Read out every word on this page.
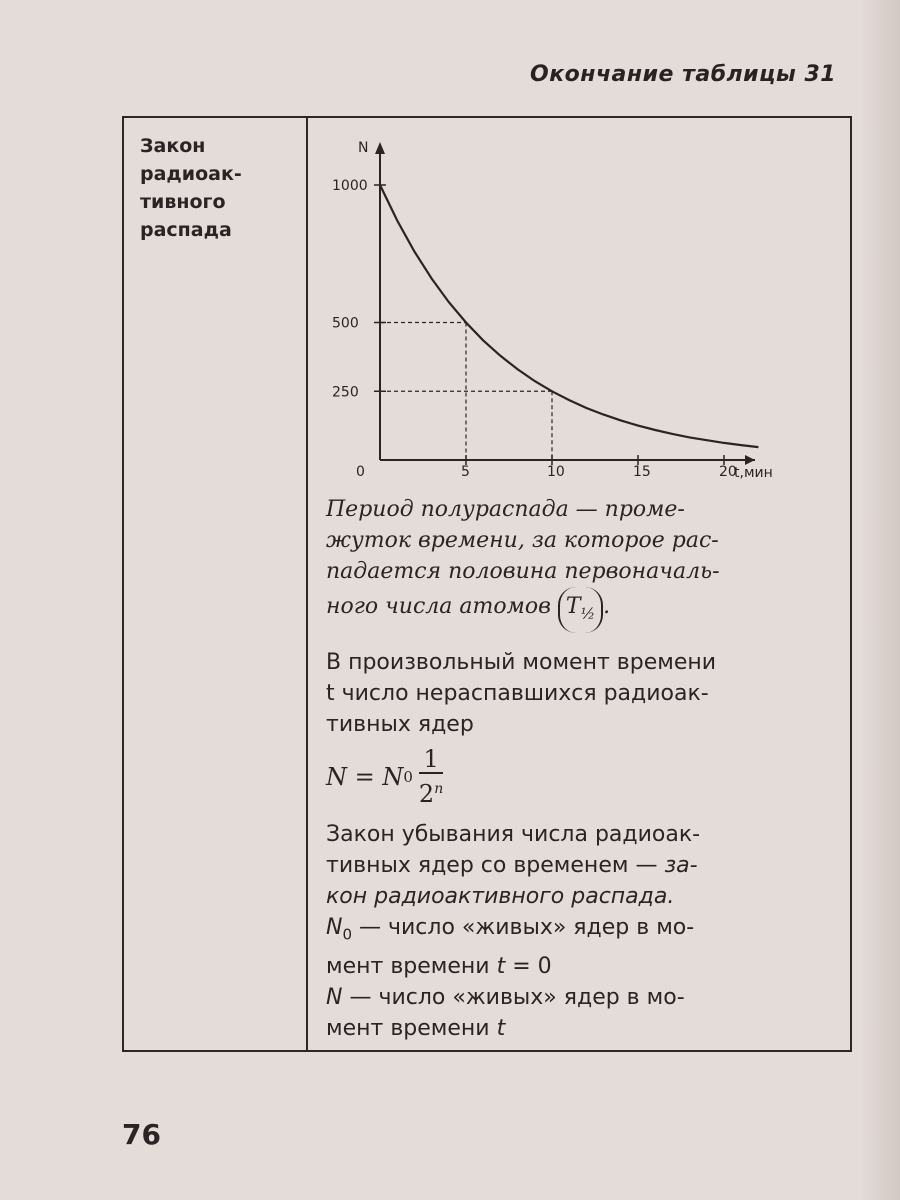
Окончание таблицы 31
Закон
радиоак-
тивного
распада
N
t,мин
0	5	10	15	20
1000
500
250

Период полураспада — проме-
жуток времени, за которое рас-
падается половина первоначаль-
ного числа атомов $T_{\frac{1}{2}}$ .

В произвольный момент времени
t число нераспавшихся радиоак-
тивных ядер

N = N $0 \frac{1}{2^n}$

Закон убывания числа радиоак-
тивных ядер со временем — за-
кон радиоактивного распада.

$N_0$ — число «живых» ядер в мо-
мент времени t = 0

N — число «живых» ядер в мо-
мент времени t

76
